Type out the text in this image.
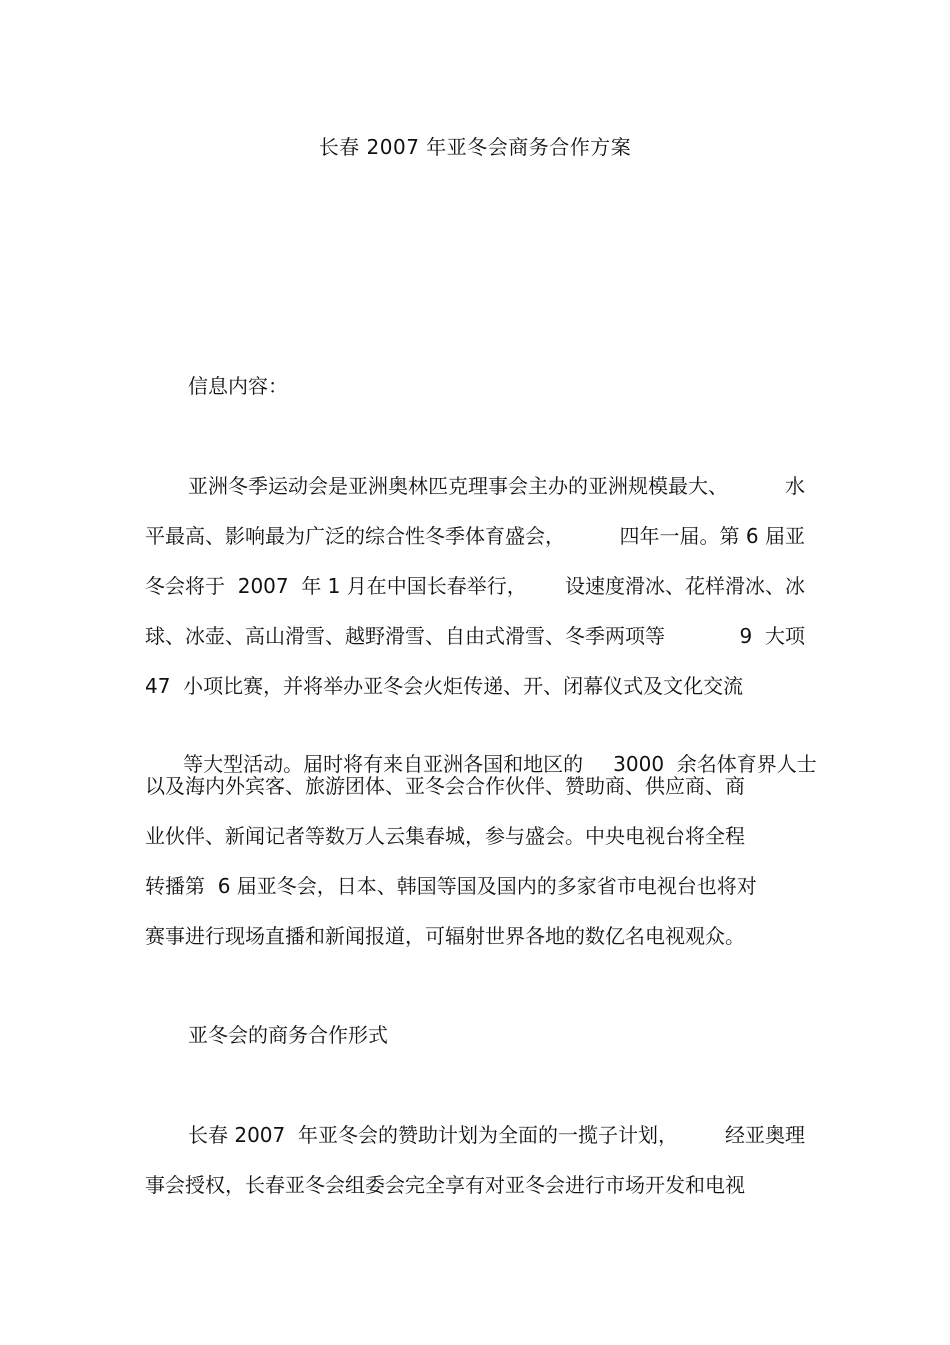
长春 2007 年亚冬会商务合作方案
信息内容：
亚洲冬季运动会是亚洲奥林匹克理事会主办的亚洲规模最大、	水
平最高、影响最为广泛的综合性冬季体育盛会，	四年一届。第 6 届亚
冬会将于  2007  年 1 月在中国长春举行， 设速度滑冰、花样滑冰、冰
球、冰壶、高山滑雪、越野滑雪、自由式滑雪、冬季两项等	9  大项
47  小项比赛，并将举办亚冬会火炬传递、开、闭幕仪式及文化交流

等大型活动。届时将有来自亚洲各国和地区的 3000  余名体育界人士

以及海内外宾客、旅游团体、亚冬会合作伙伴、赞助商、供应商、商
业伙伴、新闻记者等数万人云集春城，参与盛会。中央电视台将全程
转播第  6 届亚冬会，日本、韩国等国及国内的多家省市电视台也将对
赛事进行现场直播和新闻报道，可辐射世界各地的数亿名电视观众。
亚冬会的商务合作形式
长春 2007  年亚冬会的赞助计划为全面的一揽子计划， 经亚奥理
事会授权，长春亚冬会组委会完全享有对亚冬会进行市场开发和电视
